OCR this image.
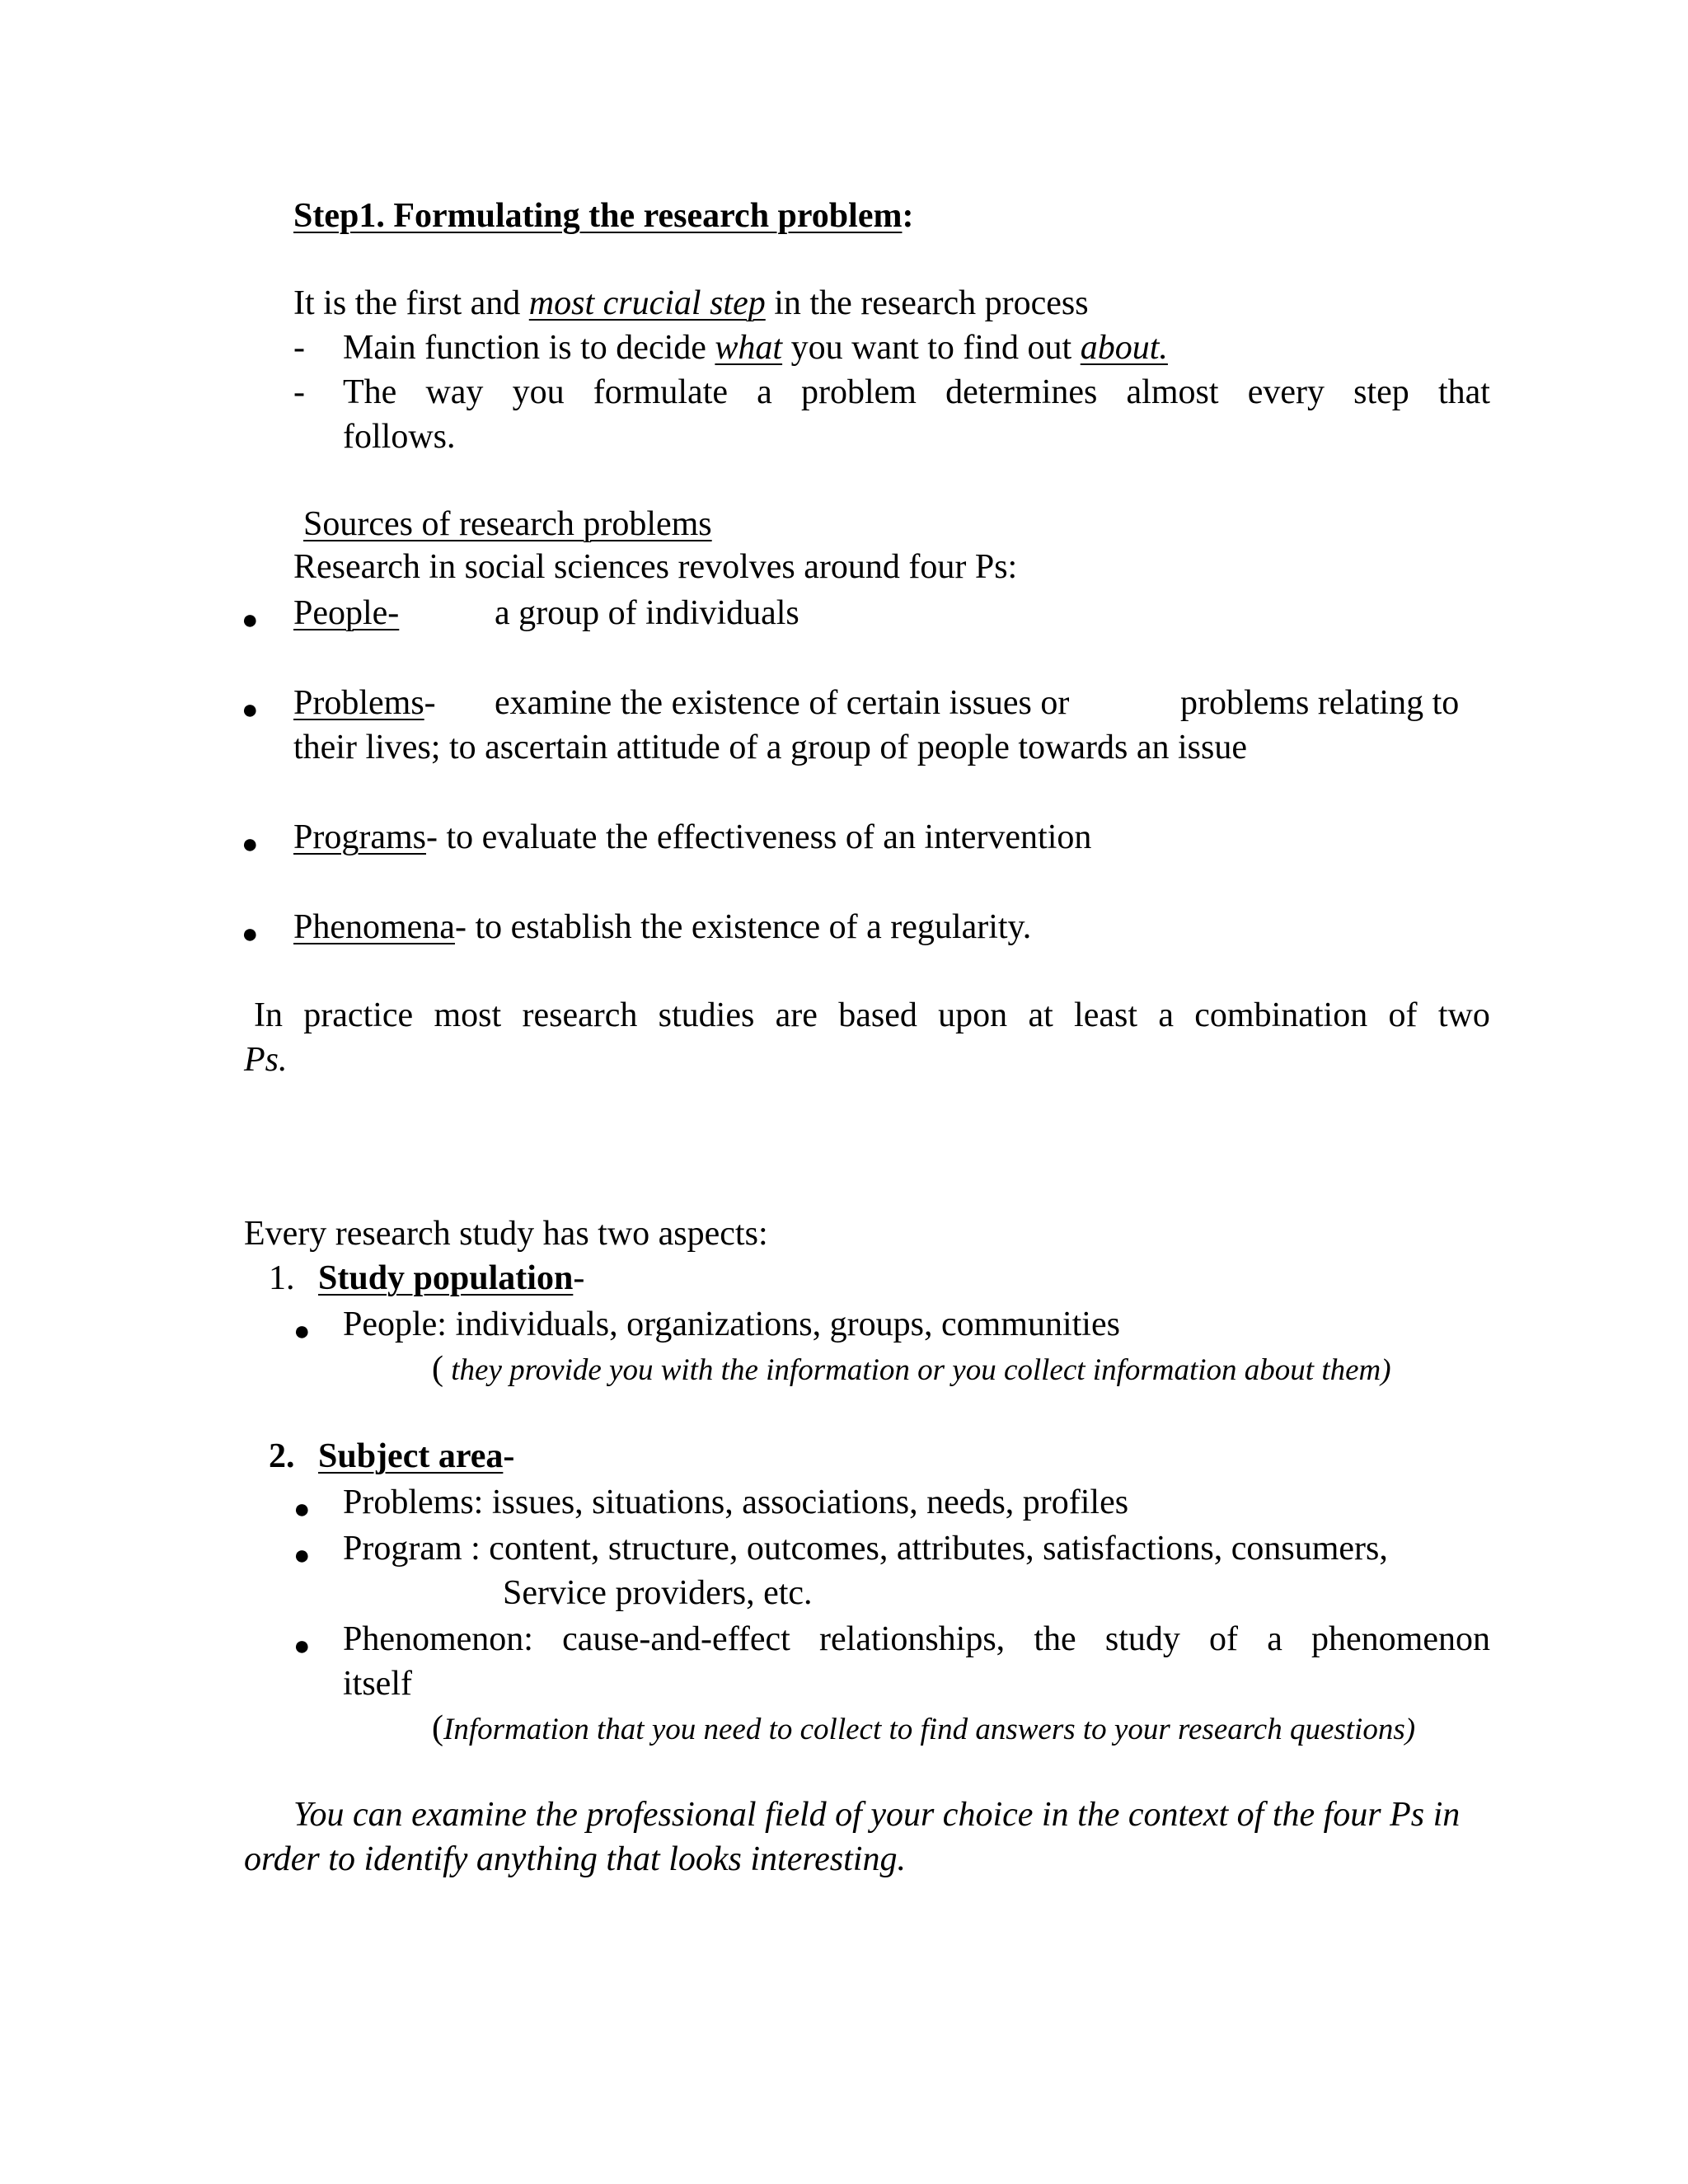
Step1. Formulating the research problem:
It is the first and most crucial step in the research process
- Main function is to decide what you want to find out about.
- The way you formulate a problem determines almost every step that
follows.
Sources of research problems
Research in social sciences revolves around four Ps:
● People-	a group of individuals
● Problems- examine the existence of certain issues or	problems relating to
their lives; to ascertain attitude of a group of people towards an issue
● Programs- to evaluate the effectiveness of an intervention
● Phenomena- to establish the existence of a regularity.
In practice most research studies are based upon at least a combination of two
Ps.
Every research study has two aspects:
1. Study population-
● People: individuals, organizations, groups, communities
( they provide you with the information or you collect information about them)
2. Subject area-
● Problems: issues, situations, associations, needs, profiles
● Program : content, structure, outcomes, attributes, satisfactions, consumers,
Service providers, etc.
● Phenomenon: cause-and-effect relationships, the study of a phenomenon
itself
(Information that you need to collect to find answers to your research questions)
You can examine the professional field of your choice in the context of the four Ps in
order to identify anything that looks interesting.
